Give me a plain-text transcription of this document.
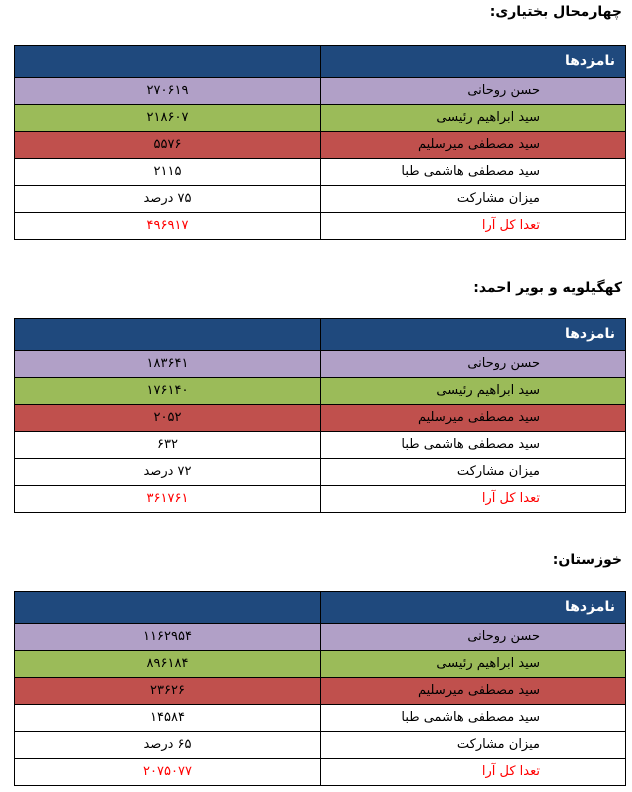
چهارمحال بختیاری:
نامزدها	
حسن روحانی	۲۷۰۶۱۹
سید ابراهیم رئیسی	۲۱۸۶۰۷
سید مصطفی میرسلیم	۵۵۷۶
سید مصطفی هاشمی طبا	۲۱۱۵
میزان مشارکت	۷۵ درصد
تعدا کل آرا	۴۹۶۹۱۷
کهگیلویه و بویر احمد:
نامزدها	
حسن روحانی	۱۸۳۶۴۱
سید ابراهیم رئیسی	۱۷۶۱۴۰
سید مصطفی میرسلیم	۲۰۵۲
سید مصطفی هاشمی طبا	۶۳۲
میزان مشارکت	۷۲ درصد
تعدا کل آرا	۳۶۱۷۶۱
خوزستان:
نامزدها	
حسن روحانی	۱۱۶۲۹۵۴
سید ابراهیم رئیسی	۸۹۶۱۸۴
سید مصطفی میرسلیم	۲۳۶۲۶
سید مصطفی هاشمی طبا	۱۴۵۸۴
میزان مشارکت	۶۵ درصد
تعدا کل آرا	۲۰۷۵۰۷۷
